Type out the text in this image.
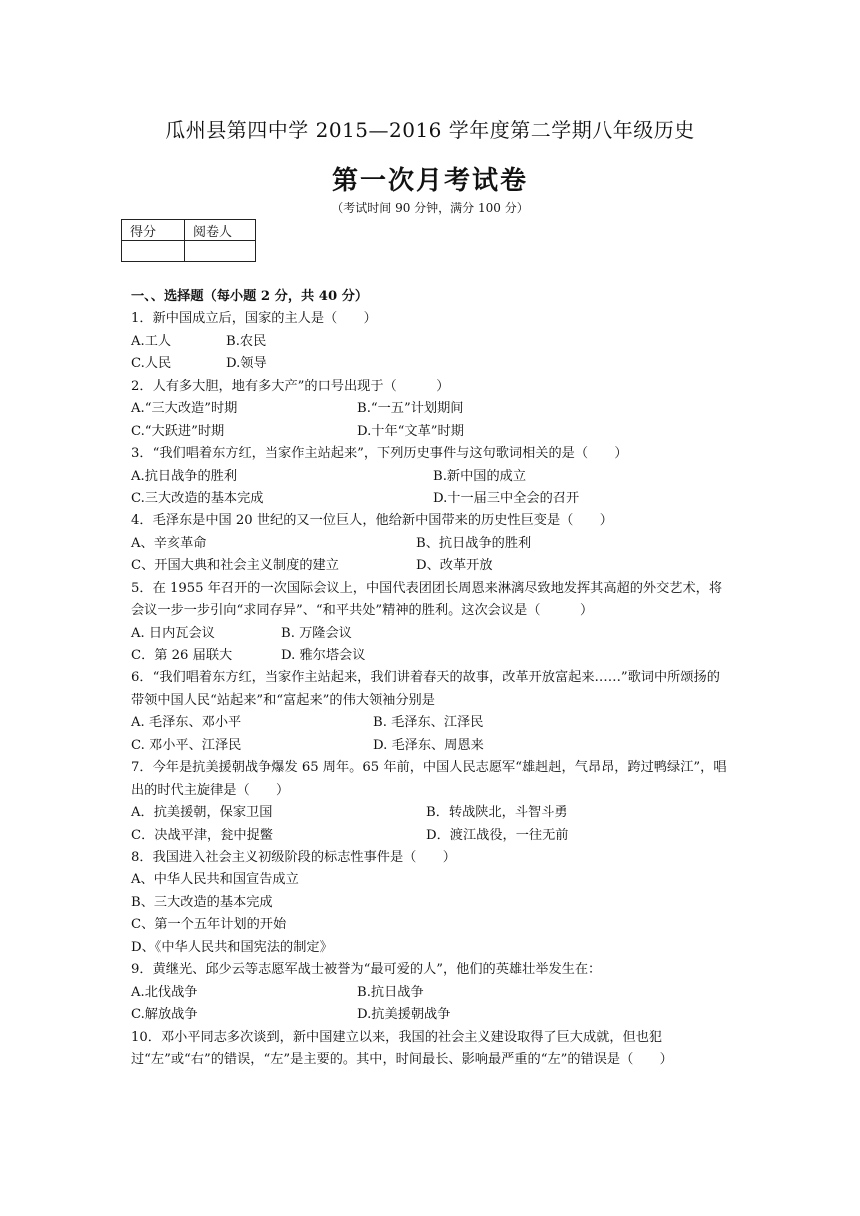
瓜州县第四中学 2015—2016 学年度第二学期八年级历史
第一次月考试卷
（考试时间 90 分钟，满分 100 分）
得分	阅卷人

一、、选择题（每小题 2 分，共 40 分）
1．新中国成立后，国家的主人是（　　）
A.工人	B.农民
C.人民	D.领导
2．人有多大胆，地有多大产”的口号出现于（　　　）
A.“三大改造”时期	B.“一五”计划期间
C.“大跃进”时期	D.十年“文革”时期
3．“我们唱着东方红，当家作主站起来”，下列历史事件与这句歌词相关的是（　　）
A.抗日战争的胜利	B.新中国的成立
C.三大改造的基本完成	D.十一届三中全会的召开
4．毛泽东是中国 20 世纪的又一位巨人，他给新中国带来的历史性巨变是（　　）
A、辛亥革命	B、抗日战争的胜利
C、开国大典和社会主义制度的建立	D、改革开放
5．在 1955 年召开的一次国际会议上，中国代表团团长周恩来淋漓尽致地发挥其高超的外交艺术，将会议一步一步引向“求同存异”、“和平共处”精神的胜利。这次会议是（　　　）
A. 日内瓦会议	B. 万隆会议
C．第 26 届联大	D. 雅尔塔会议
6．“我们唱着东方红，当家作主站起来，我们讲着春天的故事，改革开放富起来……”歌词中所颂扬的带领中国人民“站起来”和“富起来”的伟大领袖分别是
A. 毛泽东、邓小平	B. 毛泽东、江泽民
C. 邓小平、江泽民	D. 毛泽东、周恩来
7．今年是抗美援朝战争爆发 65 周年。65 年前，中国人民志愿军“雄赳赳，气昂昂，跨过鸭绿江”，唱出的时代主旋律是（　　）
A．抗美援朝，保家卫国	B．转战陕北，斗智斗勇
C．决战平津，瓮中捉鳖	D．渡江战役，一往无前
8．我国进入社会主义初级阶段的标志性事件是（　　）
A、中华人民共和国宣告成立
B、三大改造的基本完成
C、第一个五年计划的开始
D、《中华人民共和国宪法的制定》
9．黄继光、邱少云等志愿军战士被誉为“最可爱的人”，他们的英雄壮举发生在：
A.北伐战争	B.抗日战争
C.解放战争	D.抗美援朝战争
10．邓小平同志多次谈到，新中国建立以来，我国的社会主义建设取得了巨大成就，但也犯过“左”或“右”的错误，“左”是主要的。其中，时间最长、影响最严重的“左”的错误是（　　）
